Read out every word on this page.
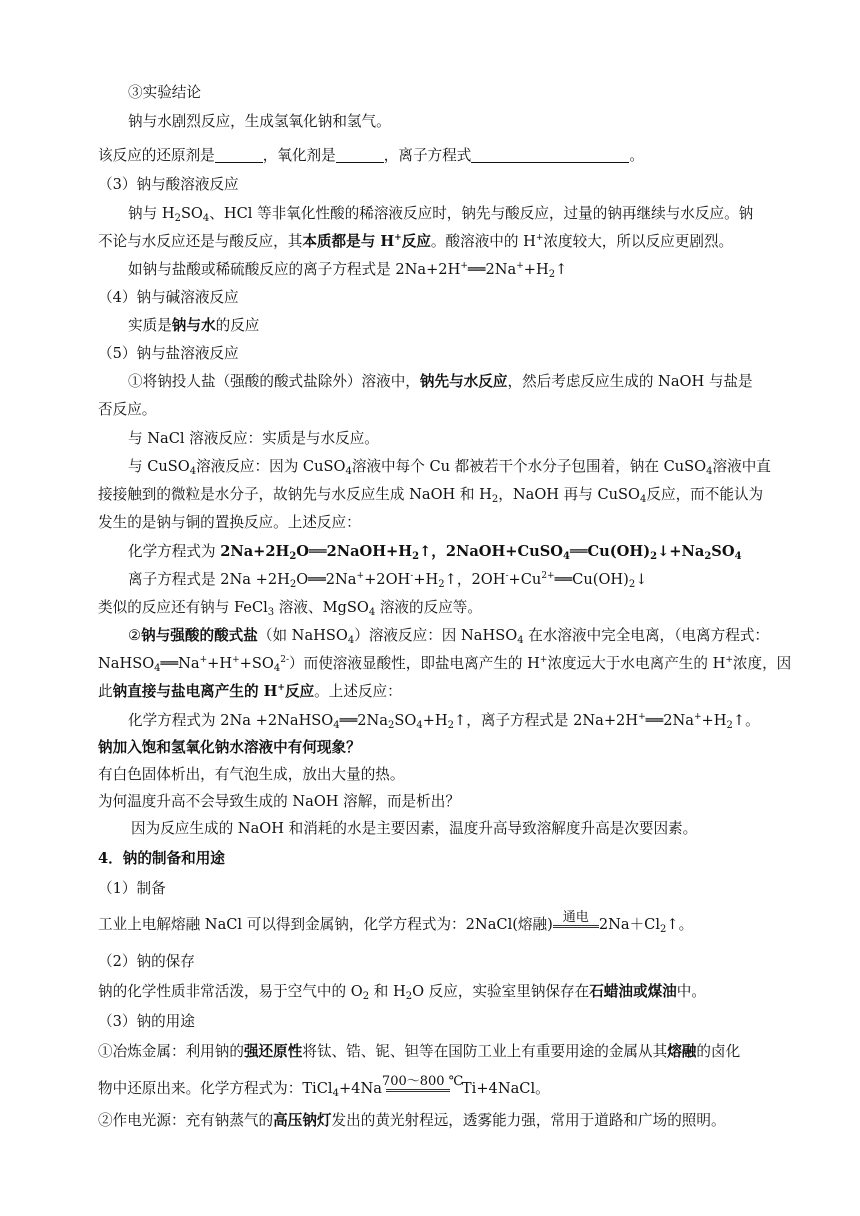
③实验结论
钠与水剧烈反应，生成氢氧化钠和氢气。
该反应的还原剂是	，氧化剂是	，离子方程式	。
（3）钠与酸溶液反应
钠与 $H_2SO_4$、HCl 等非氧化性酸的稀溶液反应时，钠先与酸反应，过量的钠再继续与水反应。钠
不论与水反应还是与酸反应，其本质都是与 H+反应。酸溶液中的 H+浓度较大，所以反应更剧烈。
如钠与盐酸或稀硫酸反应的离子方程式是 $2Na+2H^+══2Na^++H_2↑$
（4）钠与碱溶液反应
实质是钠与水的反应
（5）钠与盐溶液反应
①将钠投人盐（强酸的酸式盐除外）溶液中，钠先与水反应，然后考虑反应生成的 NaOH 与盐是
否反应。
与 NaCl 溶液反应：实质是与水反应。
与 CuSO$_4$溶液反应：因为 CuSO$_4$溶液中每个 Cu 都被若干个水分子包围着，钠在 CuSO$_4$溶液中直
接接触到的微粒是水分子，故钠先与水反应生成 NaOH 和 $H_2$，NaOH 再与 CuSO$_4$反应，而不能认为
发生的是钠与铜的置换反应。上述反应：
化学方程式为 $2Na+2H_2O══2NaOH+H_2↑$，$2NaOH+CuSO_4══Cu(OH)_2↓+Na_2SO_4$
离子方程式是 $2Na +2H_2O══2Na^++2OH^-+H_2↑$，$2OH^-+Cu^{2+}══Cu(OH)_2↓$
类似的反应还有钠与 FeCl$_3$ 溶液、MgSO$_4$ 溶液的反应等。
②钠与强酸的酸式盐（如 NaHSO$_4$）溶液反应：因 NaHSO$_4$ 在水溶液中完全电离，（电离方程式：
$NaHSO_4══Na^++H^++SO_4^{2-}$）而使溶液显酸性，即盐电离产生的 H+浓度远大于水电离产生的 H+浓度，因
此钠直接与盐电离产生的 H+反应。上述反应：
化学方程式为 $2Na +2NaHSO_4══2Na_2SO_4+H_2↑$，离子方程式是 $2Na+2H^+══2Na^++H_2↑$。
钠加入饱和氢氧化钠水溶液中有何现象？
有白色固体析出，有气泡生成，放出大量的热。
为何温度升高不会导致生成的 NaOH 溶解，而是析出？
因为反应生成的 NaOH 和消耗的水是主要因素，温度升高导致溶解度升高是次要因素。
4．钠的制备和用途
（1）制备
工业上电解熔融 NaCl 可以得到金属钠，化学方程式为：2NaCl(熔融) 通电 $2Na+Cl_2↑$。
（2）钠的保存
钠的化学性质非常活泼，易于空气中的 $O_2$ 和 $H_2O$ 反应，实验室里钠保存在石蜡油或煤油中。
（3）钠的用途
①冶炼金属：利用钠的强还原性将钛、锆、铌、钽等在国防工业上有重要用途的金属从其熔融的卤化
物中还原出来。化学方程式为：TiCl$_4$+4Na 700～800 ℃
Ti+4NaCl。
②作电光源：充有钠蒸气的高压钠灯发出的黄光射程远，透雾能力强，常用于道路和广场的照明。
